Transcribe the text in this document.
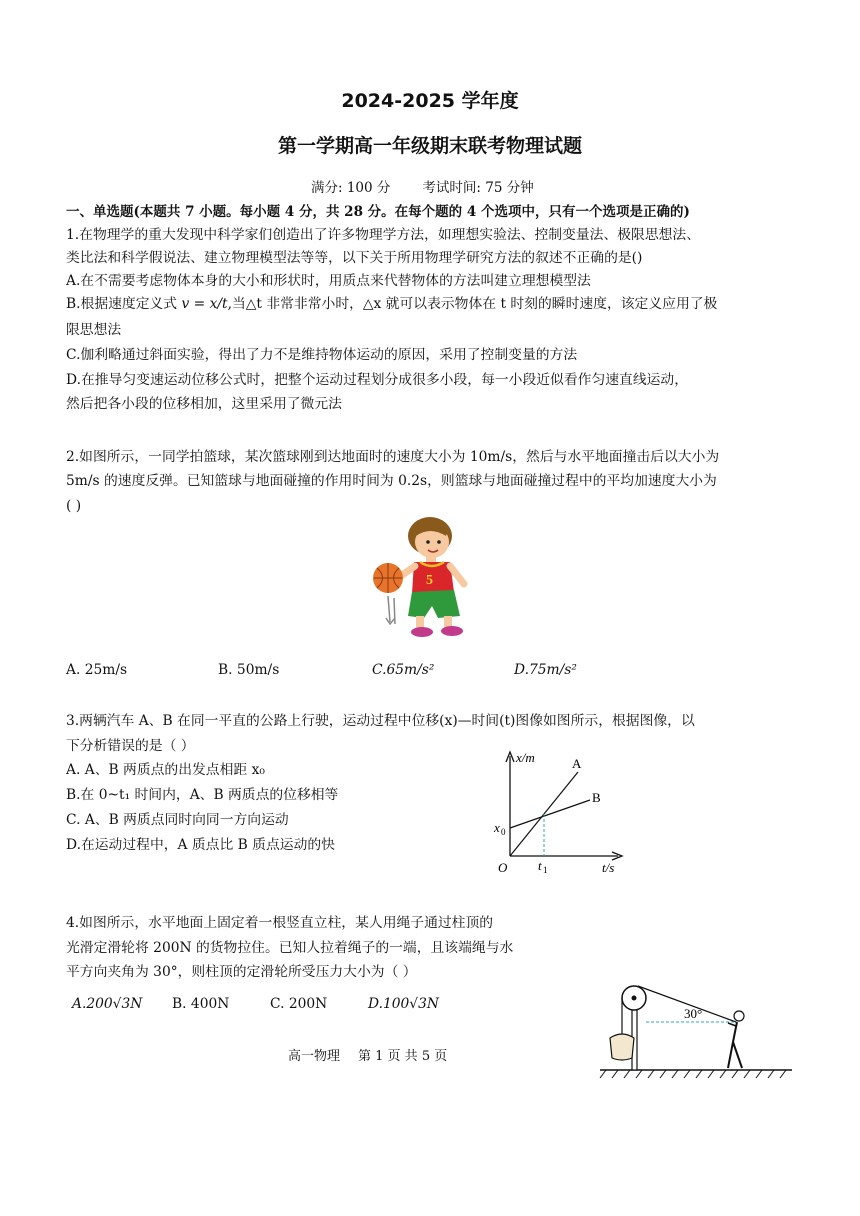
2024-2025 学年度
第一学期高一年级期末联考物理试题
满分: 100 分 考试时间: 75 分钟
一、单选题(本题共 7 小题。每小题 4 分，共 28 分。在每个题的 4 个选项中，只有一个选项是正确的)
1.在物理学的重大发现中科学家们创造出了许多物理学方法，如理想实验法、控制变量法、极限思想法、
类比法和科学假说法、建立物理模型法等等，以下关于所用物理学研究方法的叙述不正确的是()
A.在不需要考虑物体本身的大小和形状时，用质点来代替物体的方法叫建立理想模型法
B.根据速度定义式 v = x/t,当△t 非常非常小时，△x 就可以表示物体在 t 时刻的瞬时速度，该定义应用了极
限思想法
C.伽利略通过斜面实验，得出了力不是维持物体运动的原因，采用了控制变量的方法
D.在推导匀变速运动位移公式时，把整个运动过程划分成很多小段，每一小段近似看作匀速直线运动，
然后把各小段的位移相加，这里采用了微元法
2.如图所示，一同学拍篮球，某次篮球刚到达地面时的速度大小为 10m/s，然后与水平地面撞击后以大小为
5m/s 的速度反弹。已知篮球与地面碰撞的作用时间为 0.2s，则篮球与地面碰撞过程中的平均加速度大小为
( )
5
A. 25m/s	B. 50m/s	C.65m/s²	D.75m/s²
3.两辆汽车 A、B 在同一平直的公路上行驶，运动过程中位移(x)—时间(t)图像如图所示，根据图像，以
下分析错误的是（ ）
A. A、B 两质点的出发点相距 x₀
B.在 0~t₁ 时间内，A、B 两质点的位移相等
C. A、B 两质点同时向同一方向运动
D.在运动过程中，A 质点比 B 质点运动的快
x/m
t/s
O
x 0
t 1
A
B
4.如图所示，水平地面上固定着一根竖直立柱，某人用绳子通过柱顶的
光滑定滑轮将 200N 的货物拉住。已知人拉着绳子的一端，且该端绳与水
平方向夹角为 30°，则柱顶的定滑轮所受压力大小为（ ）
A.200√3N B. 400N	C. 200N	D.100√3N
30°
高一物理 第 1 页 共 5 页
